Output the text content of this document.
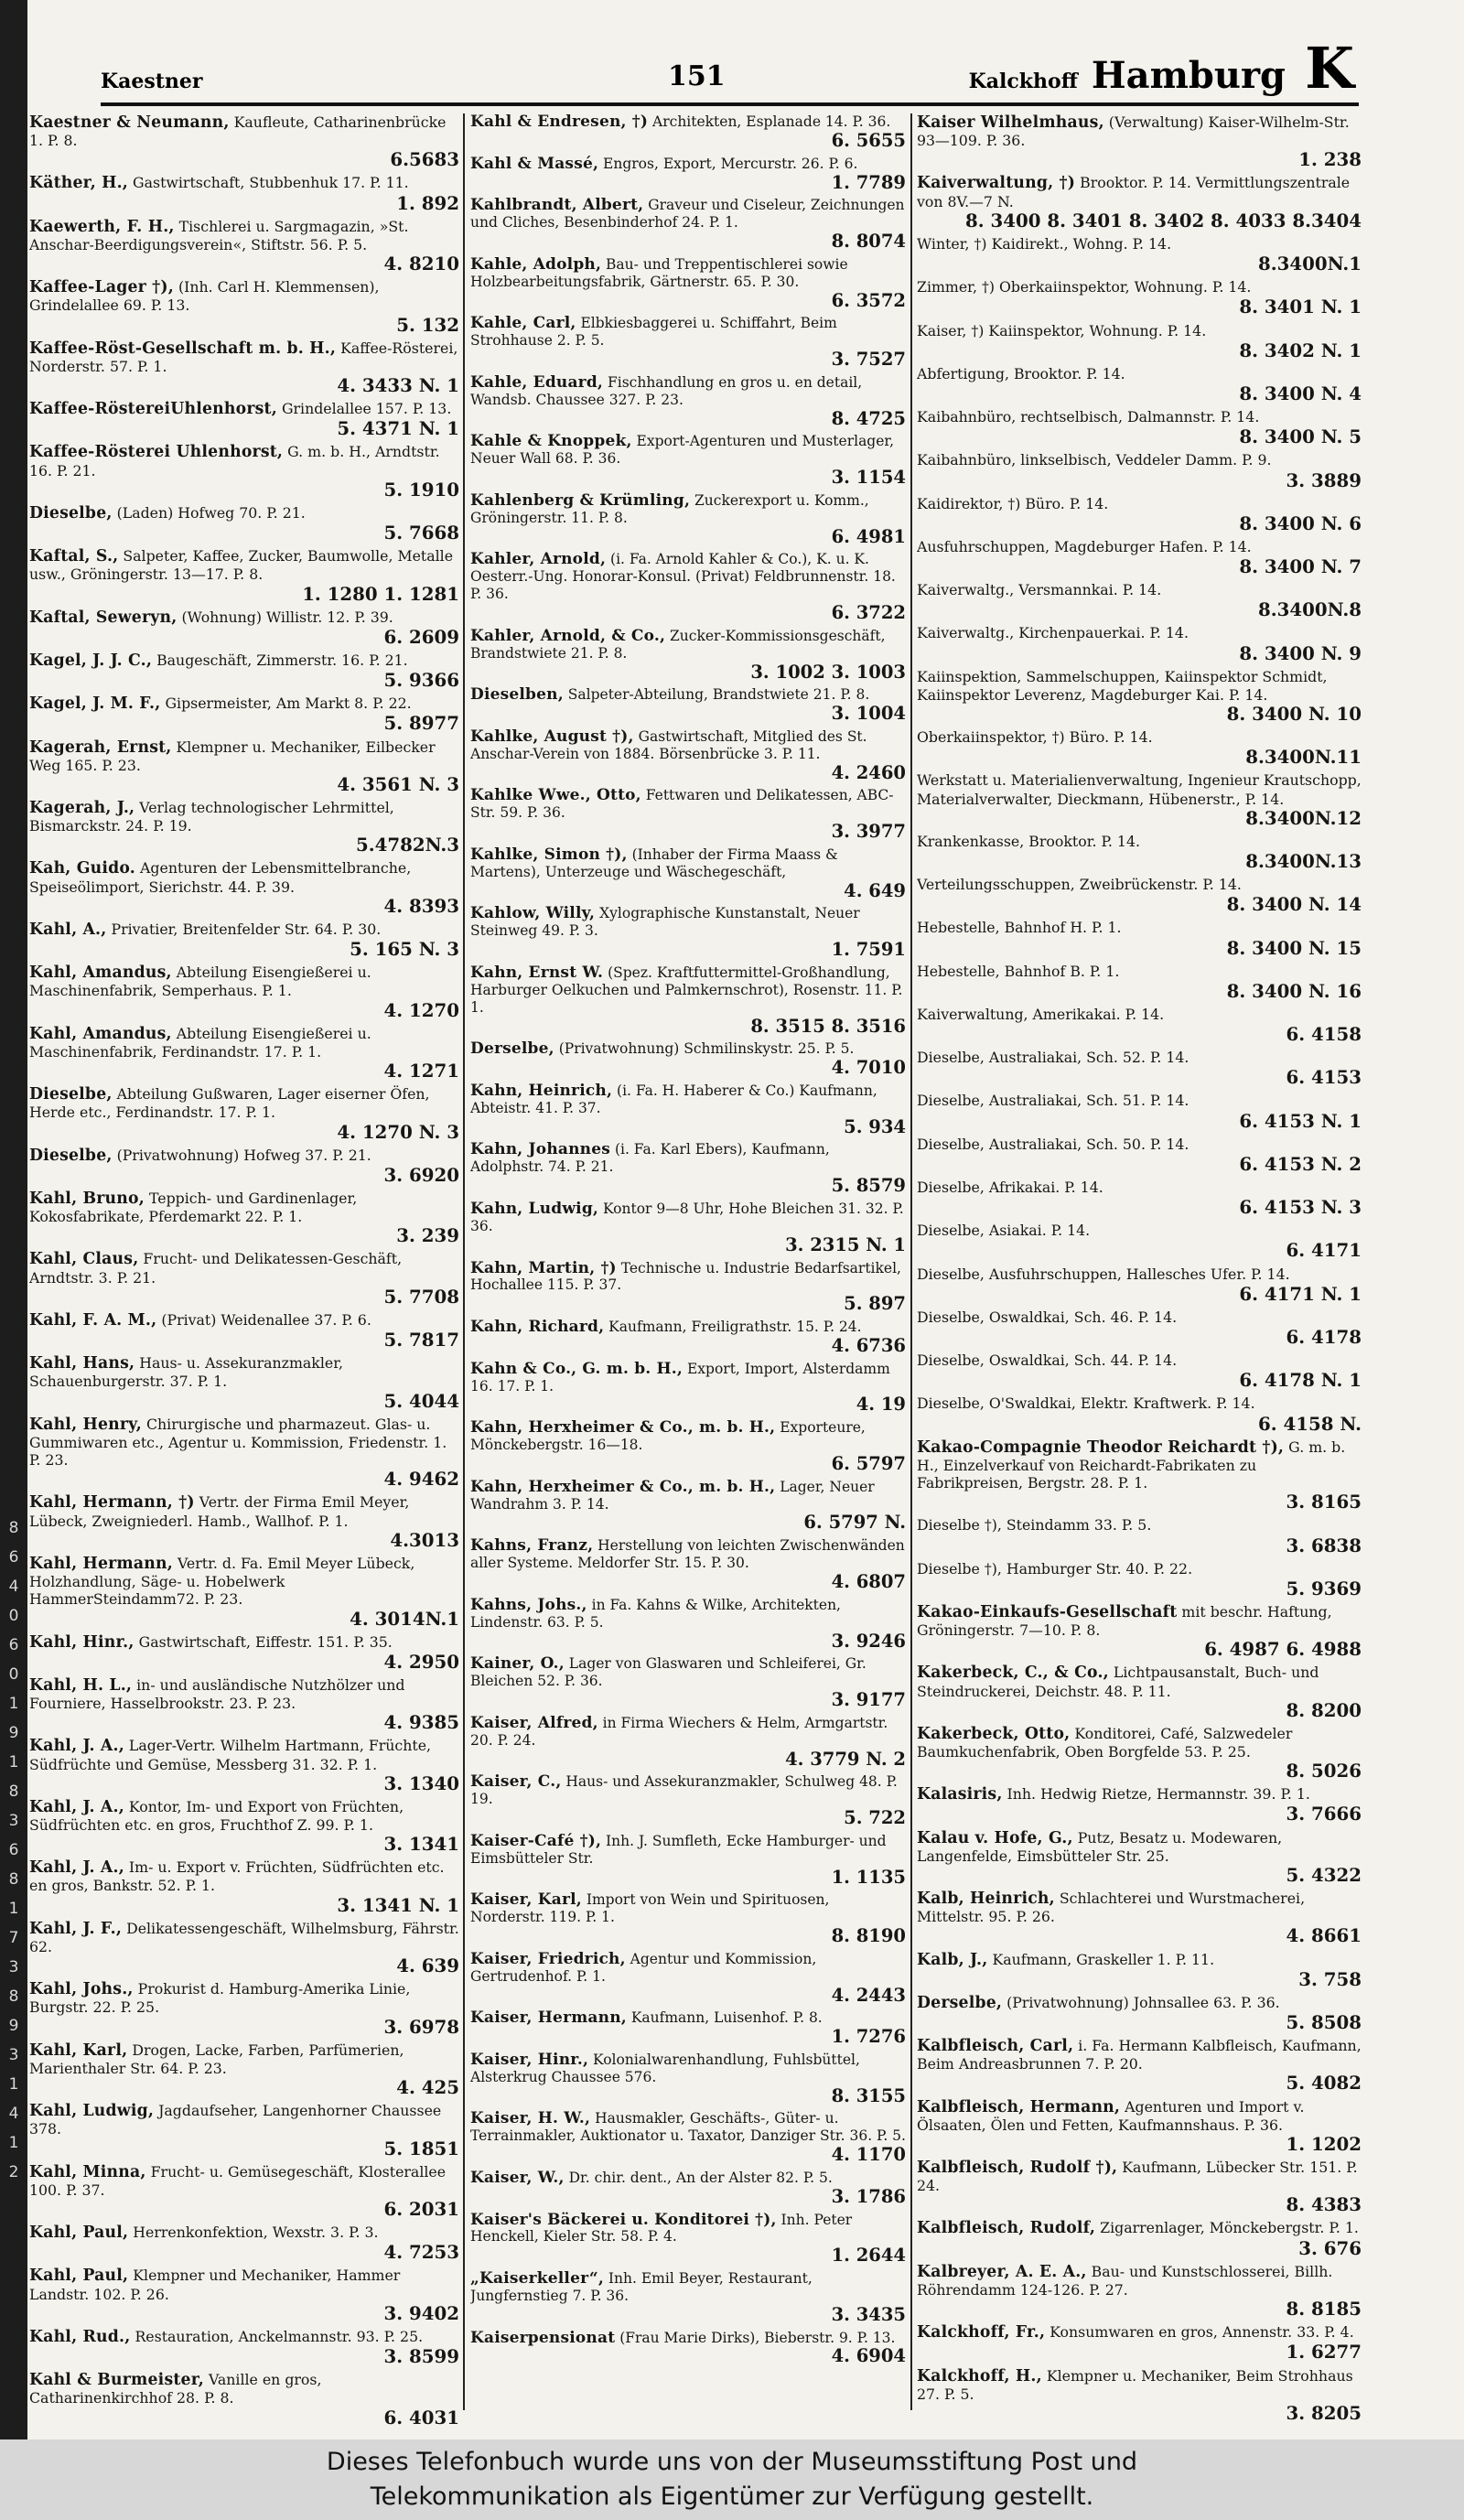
8
6
4
0
6
0
1
9
1
8
3
6
8
1
7
3
8
9
3
1
4
1
2
Kaestner	151	Kalckhoff Hamburg K
Kaestner & Neumann, Kaufleute, Catharinenbrücke 1. P. 8.
6.5683
Käther, H., Gastwirtschaft, Stubbenhuk 17. P. 11.
1. 892
Kaewerth, F. H., Tischlerei u. Sargmagazin, »St. Anschar-Beerdigungsverein«, Stiftstr. 56. P. 5.
4. 8210
Kaffee-Lager †), (Inh. Carl H. Klemmensen), Grindelallee 69. P. 13.
5. 132
Kaffee-Röst-Gesellschaft m. b. H., Kaffee-Rösterei, Norderstr. 57. P. 1.
4. 3433 N. 1
Kaffee-RöstereiUhlenhorst, Grindelallee 157. P. 13.
5. 4371 N. 1
Kaffee-Rösterei Uhlenhorst, G. m. b. H., Arndtstr. 16. P. 21.
5. 1910
Dieselbe, (Laden) Hofweg 70. P. 21.
5. 7668
Kaftal, S., Salpeter, Kaffee, Zucker, Baumwolle, Metalle usw., Gröningerstr. 13—17. P. 8.
1. 1280 1. 1281
Kaftal, Seweryn, (Wohnung) Willistr. 12. P. 39.
6. 2609
Kagel, J. J. C., Baugeschäft, Zimmerstr. 16. P. 21.
5. 9366
Kagel, J. M. F., Gipsermeister, Am Markt 8. P. 22.
5. 8977
Kagerah, Ernst, Klempner u. Mechaniker, Eilbecker Weg 165. P. 23.
4. 3561 N. 3
Kagerah, J., Verlag technologischer Lehrmittel, Bismarckstr. 24. P. 19.
5.4782N.3
Kah, Guido. Agenturen der Lebensmittelbranche, Speiseölimport, Sierichstr. 44. P. 39.
4. 8393
Kahl, A., Privatier, Breitenfelder Str. 64. P. 30.
5. 165 N. 3
Kahl, Amandus, Abteilung Eisengießerei u. Maschinenfabrik, Semperhaus. P. 1.
4. 1270
Kahl, Amandus, Abteilung Eisengießerei u. Maschinenfabrik, Ferdinandstr. 17. P. 1.
4. 1271
Dieselbe, Abteilung Gußwaren, Lager eiserner Öfen, Herde etc., Ferdinandstr. 17. P. 1.
4. 1270 N. 3
Dieselbe, (Privatwohnung) Hofweg 37. P. 21.
3. 6920
Kahl, Bruno, Teppich- und Gardinenlager, Kokosfabrikate, Pferdemarkt 22. P. 1.
3. 239
Kahl, Claus, Frucht- und Delikatessen-Geschäft, Arndtstr. 3. P. 21.
5. 7708
Kahl, F. A. M., (Privat) Weidenallee 37. P. 6.
5. 7817
Kahl, Hans, Haus- u. Assekuranzmakler, Schauenburgerstr. 37. P. 1.
5. 4044
Kahl, Henry, Chirurgische und pharmazeut. Glas- u. Gummiwaren etc., Agentur u. Kommission, Friedenstr. 1. P. 23.
4. 9462
Kahl, Hermann, †) Vertr. der Firma Emil Meyer, Lübeck, Zweigniederl. Hamb., Wallhof. P. 1.
4.3013
Kahl, Hermann, Vertr. d. Fa. Emil Meyer Lübeck, Holzhandlung, Säge- u. Hobelwerk HammerSteindamm72. P. 23.
4. 3014N.1
Kahl, Hinr., Gastwirtschaft, Eiffestr. 151. P. 35.
4. 2950
Kahl, H. L., in- und ausländische Nutzhölzer und Fourniere, Hasselbrookstr. 23. P. 23.
4. 9385
Kahl, J. A., Lager-Vertr. Wilhelm Hartmann, Früchte, Südfrüchte und Gemüse, Messberg 31. 32. P. 1.
3. 1340
Kahl, J. A., Kontor, Im- und Export von Früchten, Südfrüchten etc. en gros, Fruchthof Z. 99. P. 1.
3. 1341
Kahl, J. A., Im- u. Export v. Früchten, Südfrüchten etc. en gros, Bankstr. 52. P. 1.
3. 1341 N. 1
Kahl, J. F., Delikatessengeschäft, Wilhelmsburg, Fährstr. 62.
4. 639
Kahl, Johs., Prokurist d. Hamburg-Amerika Linie, Burgstr. 22. P. 25.
3. 6978
Kahl, Karl, Drogen, Lacke, Farben, Parfümerien, Marienthaler Str. 64. P. 23.
4. 425
Kahl, Ludwig, Jagdaufseher, Langenhorner Chaussee 378.
5. 1851
Kahl, Minna, Frucht- u. Gemüsegeschäft, Klosterallee 100. P. 37.
6. 2031
Kahl, Paul, Herrenkonfektion, Wexstr. 3. P. 3.
4. 7253
Kahl, Paul, Klempner und Mechaniker, Hammer Landstr. 102. P. 26.
3. 9402
Kahl, Rud., Restauration, Anckelmannstr. 93. P. 25.
3. 8599
Kahl & Burmeister, Vanille en gros, Catharinenkirchhof 28. P. 8.
6. 4031
Kahl & Endresen, †) Architekten, Esplanade 14. P. 36.
6. 5655
Kahl & Massé, Engros, Export, Mercurstr. 26. P. 6.
1. 7789
Kahlbrandt, Albert, Graveur und Ciseleur, Zeichnungen und Cliches, Besenbinderhof 24. P. 1.
8. 8074
Kahle, Adolph, Bau- und Treppentischlerei sowie Holzbearbeitungsfabrik, Gärtnerstr. 65. P. 30.
6. 3572
Kahle, Carl, Elbkiesbaggerei u. Schiffahrt, Beim Strohhause 2. P. 5.
3. 7527
Kahle, Eduard, Fischhandlung en gros u. en detail, Wandsb. Chaussee 327. P. 23.
8. 4725
Kahle & Knoppek, Export-Agenturen und Musterlager, Neuer Wall 68. P. 36.
3. 1154
Kahlenberg & Krümling, Zuckerexport u. Komm., Gröningerstr. 11. P. 8.
6. 4981
Kahler, Arnold, (i. Fa. Arnold Kahler & Co.), K. u. K. Oesterr.-Ung. Honorar-Konsul. (Privat) Feldbrunnenstr. 18. P. 36.
6. 3722
Kahler, Arnold, & Co., Zucker-Kommissionsgeschäft, Brandstwiete 21. P. 8.
3. 1002 3. 1003
Dieselben, Salpeter-Abteilung, Brandstwiete 21. P. 8.
3. 1004
Kahlke, August †), Gastwirtschaft, Mitglied des St. Anschar-Verein von 1884. Börsenbrücke 3. P. 11.
4. 2460
Kahlke Wwe., Otto, Fettwaren und Delikatessen, ABC-Str. 59. P. 36.
3. 3977
Kahlke, Simon †), (Inhaber der Firma Maass & Martens), Unterzeuge und Wäschegeschäft,
4. 649
Kahlow, Willy, Xylographische Kunstanstalt, Neuer Steinweg 49. P. 3.
1. 7591
Kahn, Ernst W. (Spez. Kraftfuttermittel-Großhandlung, Harburger Oelkuchen und Palmkernschrot), Rosenstr. 11. P. 1.
8. 3515 8. 3516
Derselbe, (Privatwohnung) Schmilinskystr. 25. P. 5.
4. 7010
Kahn, Heinrich, (i. Fa. H. Haberer & Co.) Kaufmann, Abteistr. 41. P. 37.
5. 934
Kahn, Johannes (i. Fa. Karl Ebers), Kaufmann, Adolphstr. 74. P. 21.
5. 8579
Kahn, Ludwig, Kontor 9—8 Uhr, Hohe Bleichen 31. 32. P. 36.
3. 2315 N. 1
Kahn, Martin, †) Technische u. Industrie Bedarfsartikel, Hochallee 115. P. 37.
5. 897
Kahn, Richard, Kaufmann, Freiligrathstr. 15. P. 24.
4. 6736
Kahn & Co., G. m. b. H., Export, Import, Alsterdamm 16. 17. P. 1.
4. 19
Kahn, Herxheimer & Co., m. b. H., Exporteure, Mönckebergstr. 16—18.
6. 5797
Kahn, Herxheimer & Co., m. b. H., Lager, Neuer Wandrahm 3. P. 14.
6. 5797 N.
Kahns, Franz, Herstellung von leichten Zwischenwänden aller Systeme. Meldorfer Str. 15. P. 30.
4. 6807
Kahns, Johs., in Fa. Kahns & Wilke, Architekten, Lindenstr. 63. P. 5.
3. 9246
Kainer, O., Lager von Glaswaren und Schleiferei, Gr. Bleichen 52. P. 36.
3. 9177
Kaiser, Alfred, in Firma Wiechers & Helm, Armgartstr. 20. P. 24.
4. 3779 N. 2
Kaiser, C., Haus- und Assekuranzmakler, Schulweg 48. P. 19.
5. 722
Kaiser-Café †), Inh. J. Sumfleth, Ecke Hamburger- und Eimsbütteler Str.
1. 1135
Kaiser, Karl, Import von Wein und Spirituosen, Norderstr. 119. P. 1.
8. 8190
Kaiser, Friedrich, Agentur und Kommission, Gertrudenhof. P. 1.
4. 2443
Kaiser, Hermann, Kaufmann, Luisenhof. P. 8.
1. 7276
Kaiser, Hinr., Kolonialwarenhandlung, Fuhlsbüttel, Alsterkrug Chaussee 576.
8. 3155
Kaiser, H. W., Hausmakler, Geschäfts-, Güter- u. Terrainmakler, Auktionator u. Taxator, Danziger Str. 36. P. 5.
4. 1170
Kaiser, W., Dr. chir. dent., An der Alster 82. P. 5.
3. 1786
Kaiser's Bäckerei u. Konditorei †), Inh. Peter Henckell, Kieler Str. 58. P. 4.
1. 2644
„Kaiserkeller“, Inh. Emil Beyer, Restaurant, Jungfernstieg 7. P. 36.
3. 3435
Kaiserpensionat (Frau Marie Dirks), Bieberstr. 9. P. 13.
4. 6904
Kaiser Wilhelmhaus, (Verwaltung) Kaiser-Wilhelm-Str. 93—109. P. 36.
1. 238
Kaiverwaltung, †) Brooktor. P. 14. Vermittlungszentrale von 8V.—7 N.
8. 3400 8. 3401 8. 3402 8. 4033 8.3404
Winter, †) Kaidirekt., Wohng. P. 14.
8.3400N.1
Zimmer, †) Oberkaiinspektor, Wohnung. P. 14.
8. 3401 N. 1
Kaiser, †) Kaiinspektor, Wohnung. P. 14.
8. 3402 N. 1
Abfertigung, Brooktor. P. 14.
8. 3400 N. 4
Kaibahnbüro, rechtselbisch, Dalmannstr. P. 14.
8. 3400 N. 5
Kaibahnbüro, linkselbisch, Veddeler Damm. P. 9.
3. 3889
Kaidirektor, †) Büro. P. 14.
8. 3400 N. 6
Ausfuhrschuppen, Magdeburger Hafen. P. 14.
8. 3400 N. 7
Kaiverwaltg., Versmannkai. P. 14.
8.3400N.8
Kaiverwaltg., Kirchenpauerkai. P. 14.
8. 3400 N. 9
Kaiinspektion, Sammelschuppen, Kaiinspektor Schmidt, Kaiinspektor Leverenz, Magdeburger Kai. P. 14.
8. 3400 N. 10
Oberkaiinspektor, †) Büro. P. 14.
8.3400N.11
Werkstatt u. Materialienverwaltung, Ingenieur Krautschopp, Materialverwalter, Dieckmann, Hübenerstr., P. 14.
8.3400N.12
Krankenkasse, Brooktor. P. 14.
8.3400N.13
Verteilungsschuppen, Zweibrückenstr. P. 14.
8. 3400 N. 14
Hebestelle, Bahnhof H. P. 1.
8. 3400 N. 15
Hebestelle, Bahnhof B. P. 1.
8. 3400 N. 16
Kaiverwaltung, Amerikakai. P. 14.
6. 4158
Dieselbe, Australiakai, Sch. 52. P. 14.
6. 4153
Dieselbe, Australiakai, Sch. 51. P. 14.
6. 4153 N. 1
Dieselbe, Australiakai, Sch. 50. P. 14.
6. 4153 N. 2
Dieselbe, Afrikakai. P. 14.
6. 4153 N. 3
Dieselbe, Asiakai. P. 14.
6. 4171
Dieselbe, Ausfuhrschuppen, Hallesches Ufer. P. 14.
6. 4171 N. 1
Dieselbe, Oswaldkai, Sch. 46. P. 14.
6. 4178
Dieselbe, Oswaldkai, Sch. 44. P. 14.
6. 4178 N. 1
Dieselbe, O'Swaldkai, Elektr. Kraftwerk. P. 14.
6. 4158 N.
Kakao-Compagnie Theodor Reichardt †), G. m. b. H., Einzelverkauf von Reichardt-Fabrikaten zu Fabrikpreisen, Bergstr. 28. P. 1.
3. 8165
Dieselbe †), Steindamm 33. P. 5.
3. 6838
Dieselbe †), Hamburger Str. 40. P. 22.
5. 9369
Kakao-Einkaufs-Gesellschaft mit beschr. Haftung, Gröningerstr. 7—10. P. 8.
6. 4987 6. 4988
Kakerbeck, C., & Co., Lichtpausanstalt, Buch- und Steindruckerei, Deichstr. 48. P. 11.
8. 8200
Kakerbeck, Otto, Konditorei, Café, Salzwedeler Baumkuchenfabrik, Oben Borgfelde 53. P. 25.
8. 5026
Kalasiris, Inh. Hedwig Rietze, Hermannstr. 39. P. 1.
3. 7666
Kalau v. Hofe, G., Putz, Besatz u. Modewaren, Langenfelde, Eimsbütteler Str. 25.
5. 4322
Kalb, Heinrich, Schlachterei und Wurstmacherei, Mittelstr. 95. P. 26.
4. 8661
Kalb, J., Kaufmann, Graskeller 1. P. 11.
3. 758
Derselbe, (Privatwohnung) Johnsallee 63. P. 36.
5. 8508
Kalbfleisch, Carl, i. Fa. Hermann Kalbfleisch, Kaufmann, Beim Andreasbrunnen 7. P. 20.
5. 4082
Kalbfleisch, Hermann, Agenturen und Import v. Ölsaaten, Ölen und Fetten, Kaufmannshaus. P. 36.
1. 1202
Kalbfleisch, Rudolf †), Kaufmann, Lübecker Str. 151. P. 24.
8. 4383
Kalbfleisch, Rudolf, Zigarrenlager, Mönckebergstr. P. 1.
3. 676
Kalbreyer, A. E. A., Bau- und Kunstschlosserei, Billh. Röhrendamm 124-126. P. 27.
8. 8185
Kalckhoff, Fr., Konsumwaren en gros, Annenstr. 33. P. 4.
1. 6277
Kalckhoff, H., Klempner u. Mechaniker, Beim Strohhaus 27. P. 5.
3. 8205
Dieses Telefonbuch wurde uns von der Museumsstiftung Post und
Telekommunikation als Eigentümer zur Verfügung gestellt.
